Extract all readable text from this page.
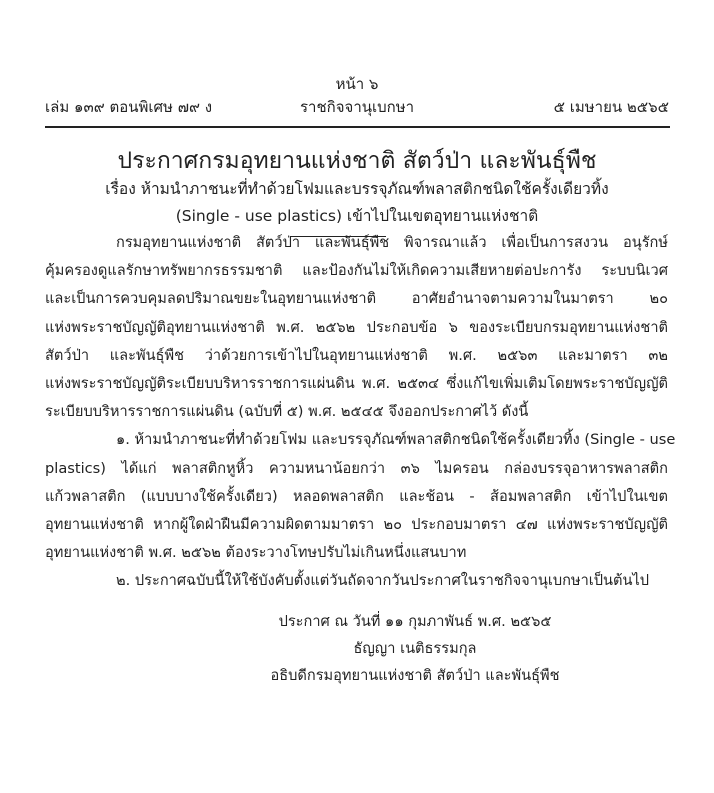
หน้า ๖
เล่ม ๑๓๙ ตอนพิเศษ ๗๙ ง	ราชกิจจานุเบกษา	๕ เมษายน ๒๕๖๕
ประกาศกรมอุทยานแห่งชาติ สัตว์ป่า และพันธุ์พืช
เรื่อง ห้ามนำภาชนะที่ทำด้วยโฟมและบรรจุภัณฑ์พลาสติกชนิดใช้ครั้งเดียวทิ้ง
(Single - use plastics) เข้าไปในเขตอุทยานแห่งชาติ
กรมอุทยานแห่งชาติ สัตว์ป่า และพันธุ์พืช พิจารณาแล้ว เพื่อเป็นการสงวน อนุรักษ์
คุ้มครองดูแลรักษาทรัพยากรธรรมชาติ และป้องกันไม่ให้เกิดความเสียหายต่อปะการัง ระบบนิเวศ
และเป็นการควบคุมลดปริมาณขยะในอุทยานแห่งชาติ อาศัยอำนาจตามความในมาตรา ๒๐
แห่งพระราชบัญญัติอุทยานแห่งชาติ พ.ศ. ๒๕๖๒ ประกอบข้อ ๖ ของระเบียบกรมอุทยานแห่งชาติ
สัตว์ป่า และพันธุ์พืช ว่าด้วยการเข้าไปในอุทยานแห่งชาติ พ.ศ. ๒๕๖๓ และมาตรา ๓๒
แห่งพระราชบัญญัติระเบียบบริหารราชการแผ่นดิน พ.ศ. ๒๕๓๔ ซึ่งแก้ไขเพิ่มเติมโดยพระราชบัญญัติ
ระเบียบบริหารราชการแผ่นดิน (ฉบับที่ ๕) พ.ศ. ๒๕๔๕ จึงออกประกาศไว้ ดังนี้
๑. ห้ามนำภาชนะที่ทำด้วยโฟม และบรรจุภัณฑ์พลาสติกชนิดใช้ครั้งเดียวทิ้ง (Single - use
plastics) ได้แก่ พลาสติกหูหิ้ว ความหนาน้อยกว่า ๓๖ ไมครอน กล่องบรรจุอาหารพลาสติก
แก้วพลาสติก (แบบบางใช้ครั้งเดียว) หลอดพลาสติก และช้อน - ส้อมพลาสติก เข้าไปในเขต
อุทยานแห่งชาติ หากผู้ใดฝ่าฝืนมีความผิดตามมาตรา ๒๐ ประกอบมาตรา ๔๗ แห่งพระราชบัญญัติ
อุทยานแห่งชาติ พ.ศ. ๒๕๖๒ ต้องระวางโทษปรับไม่เกินหนึ่งแสนบาท
๒. ประกาศฉบับนี้ให้ใช้บังคับตั้งแต่วันถัดจากวันประกาศในราชกิจจานุเบกษาเป็นต้นไป
ประกาศ ณ วันที่ ๑๑ กุมภาพันธ์ พ.ศ. ๒๕๖๕
ธัญญา เนติธรรมกุล
อธิบดีกรมอุทยานแห่งชาติ สัตว์ป่า และพันธุ์พืช
